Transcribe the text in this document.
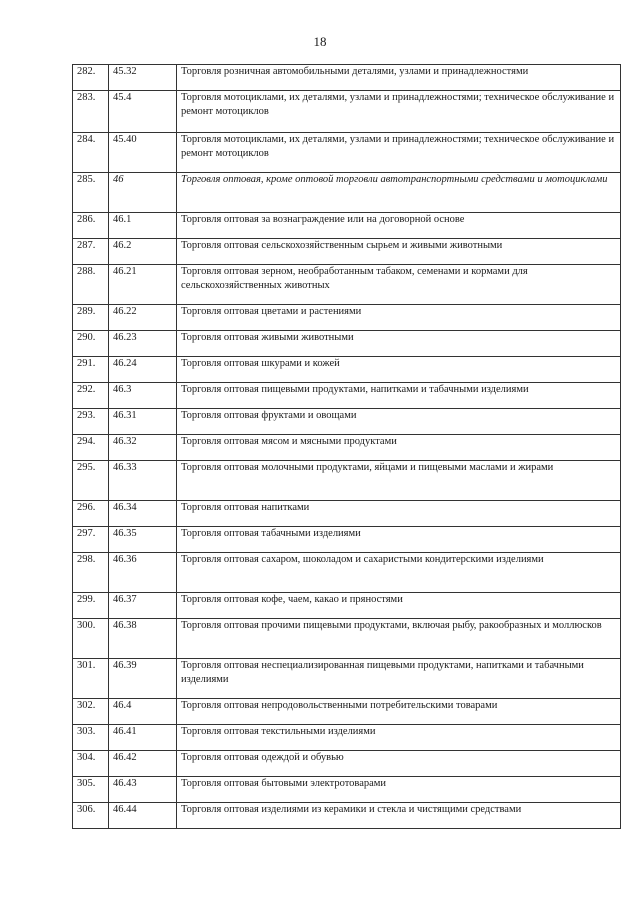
18
282.	45.32	Торговля розничная автомобильными деталями, узлами и принадлежностями
283.	45.4	Торговля мотоциклами, их деталями, узлами и принадлежностями; техническое обслуживание и ремонт мотоциклов
284.	45.40	Торговля мотоциклами, их деталями, узлами и принадлежностями; техническое обслуживание и ремонт мотоциклов
285.	46	Торговля оптовая, кроме оптовой торговли автотранспортными средствами и мотоциклами
286.	46.1	Торговля оптовая за вознаграждение или на договорной основе
287.	46.2	Торговля оптовая сельскохозяйственным сырьем и живыми животными
288.	46.21	Торговля оптовая зерном, необработанным табаком, семенами и кормами для сельскохозяйственных животных
289.	46.22	Торговля оптовая цветами и растениями
290.	46.23	Торговля оптовая живыми животными
291.	46.24	Торговля оптовая шкурами и кожей
292.	46.3	Торговля оптовая пищевыми продуктами, напитками и табачными изделиями
293.	46.31	Торговля оптовая фруктами и овощами
294.	46.32	Торговля оптовая мясом и мясными продуктами
295.	46.33	Торговля оптовая молочными продуктами, яйцами и пищевыми маслами и жирами
296.	46.34	Торговля оптовая напитками
297.	46.35	Торговля оптовая табачными изделиями
298.	46.36	Торговля оптовая сахаром, шоколадом и сахаристыми кондитерскими изделиями
299.	46.37	Торговля оптовая кофе, чаем, какао и пряностями
300.	46.38	Торговля оптовая прочими пищевыми продуктами, включая рыбу, ракообразных и моллюсков
301.	46.39	Торговля оптовая неспециализированная пищевыми продуктами, напитками и табачными изделиями
302.	46.4	Торговля оптовая непродовольственными потребительскими товарами
303.	46.41	Торговля оптовая текстильными изделиями
304.	46.42	Торговля оптовая одеждой и обувью
305.	46.43	Торговля оптовая бытовыми электротоварами
306.	46.44	Торговля оптовая изделиями из керамики и стекла и чистящими средствами
